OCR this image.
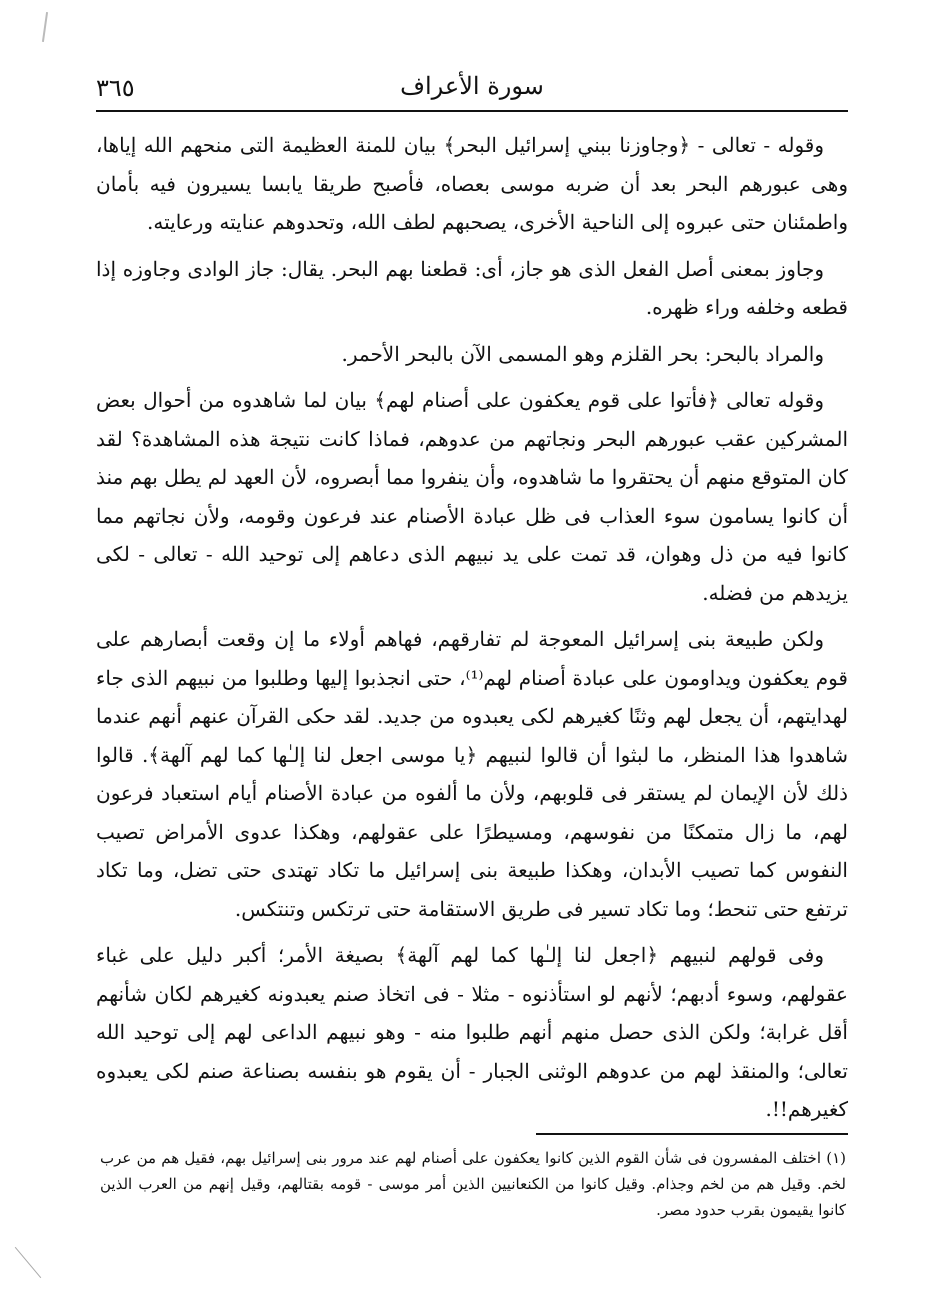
سورة الأعراف
٣٦٥

وقوله - تعالى - ﴿وجاوزنا ببني إسرائيل البحر﴾ بيان للمنة العظيمة التى منحهم الله إياها، وهى عبورهم البحر بعد أن ضربه موسى بعصاه، فأصبح طريقا يابسا يسيرون فيه بأمان واطمئنان حتى عبروه إلى الناحية الأخرى، يصحبهم لطف الله، وتحدوهم عنايته ورعايته.

وجاوز بمعنى أصل الفعل الذى هو جاز، أى: قطعنا بهم البحر. يقال: جاز الوادى وجاوزه إذا قطعه وخلفه وراء ظهره.

والمراد بالبحر: بحر القلزم وهو المسمى الآن بالبحر الأحمر.

وقوله تعالى ﴿فأتوا على قوم يعكفون على أصنام لهم﴾ بيان لما شاهدوه من أحوال بعض المشركين عقب عبورهم البحر ونجاتهم من عدوهم، فماذا كانت نتيجة هذه المشاهدة؟ لقد كان المتوقع منهم أن يحتقروا ما شاهدوه، وأن ينفروا مما أبصروه، لأن العهد لم يطل بهم منذ أن كانوا يسامون سوء العذاب فى ظل عبادة الأصنام عند فرعون وقومه، ولأن نجاتهم مما كانوا فيه من ذل وهوان، قد تمت على يد نبيهم الذى دعاهم إلى توحيد الله - تعالى - لكى يزيدهم من فضله.

ولكن طبيعة بنى إسرائيل المعوجة لم تفارقهم، فهاهم أولاء ما إن وقعت أبصارهم على قوم يعكفون ويداومون على عبادة أصنام لهم⁽¹⁾، حتى انجذبوا إليها وطلبوا من نبيهم الذى جاء لهدايتهم، أن يجعل لهم وثنًا كغيرهم لكى يعبدوه من جديد. لقد حكى القرآن عنهم أنهم عندما شاهدوا هذا المنظر، ما لبثوا أن قالوا لنبيهم ﴿يا موسى اجعل لنا إلـٰها كما لهم آلهة﴾. قالوا ذلك لأن الإيمان لم يستقر فى قلوبهم، ولأن ما ألفوه من عبادة الأصنام أيام استعباد فرعون لهم، ما زال متمكنًا من نفوسهم، ومسيطرًا على عقولهم، وهكذا عدوى الأمراض تصيب النفوس كما تصيب الأبدان، وهكذا طبيعة بنى إسرائيل ما تكاد تهتدى حتى تضل، وما تكاد ترتفع حتى تنحط؛ وما تكاد تسير فى طريق الاستقامة حتى ترتكس وتنتكس.

وفى قولهم لنبيهم ﴿اجعل لنا إلـٰها كما لهم آلهة﴾ بصيغة الأمر؛ أكبر دليل على غباء عقولهم، وسوء أدبهم؛ لأنهم لو استأذنوه - مثلا - فى اتخاذ صنم يعبدونه كغيرهم لكان شأنهم أقل غرابة؛ ولكن الذى حصل منهم أنهم طلبوا منه - وهو نبيهم الداعى لهم إلى توحيد الله تعالى؛ والمنقذ لهم من عدوهم الوثنى الجبار - أن يقوم هو بنفسه بصناعة صنم لكى يعبدوه كغيرهم!!.

(١) اختلف المفسرون فى شأن القوم الذين كانوا يعكفون على أصنام لهم عند مرور بنى إسرائيل بهم، فقيل هم من عرب لخم. وقيل هم من لخم وجذام. وقيل كانوا من الكنعانيين الذين أمر موسى - قومه بقتالهم، وقيل إنهم من العرب الذين كانوا يقيمون بقرب حدود مصر.
